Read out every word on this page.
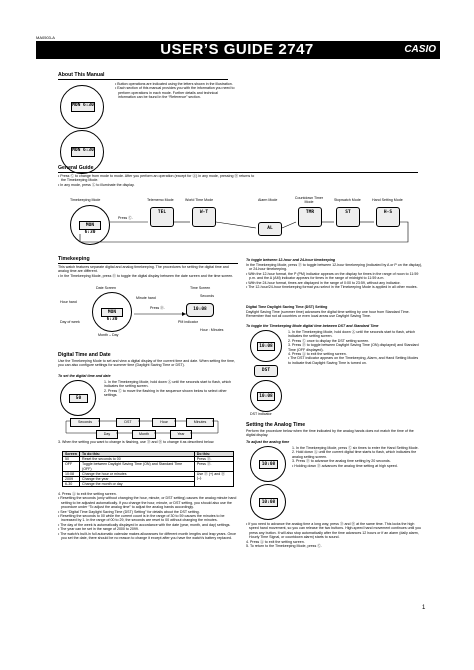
MA0503-A
USER’S GUIDE 2747	CASIO
About This Manual
MON 6:30
MON 6:30
• Button operations are indicated using the letters shown in the illustration.
• Each section of this manual provides you with the information you need to perform operations in each mode. Further details and technical information can be found in the “Reference” section.
General Guide
• Press Ⓒ to change from mode to mode. After you perform an operation (except for Ⓐ) in any mode, pressing Ⓑ returns to the Timekeeping Mode.
• In any mode, press Ⓛ to illuminate the display.
Timekeeping Mode	Telememo Mode	World Time Mode	Alarm Mode	Countdown Timer Mode
Stopwatch Mode	Hand Setting Mode
MON 6:30
Press Ⓒ.
TEL	W-T
AL
TMR	ST	H-S
Timekeeping
This watch features separate digital and analog timekeeping. The procedures for setting the digital time and analog time are different.
• In the Timekeeping Mode, press Ⓓ to toggle the digital display between the date screen and the time screen.
Date Screen	Time Screen
MON 6:30
Hour hand
Minute hand
Day of week
Month – Day
Press Ⓓ.
Seconds
10:08
PM indicator
Hour : Minutes
Digital Time and Date
Use the Timekeeping Mode to set and view a digital display of the current time and date. When setting the time, you can also configure settings for summer time (Daylight Saving Time or DST).
To set the digital time and date
50
1. In the Timekeeping Mode, hold down Ⓐ until the seconds start to flash, which indicates the setting screen.
2. Press Ⓒ to move the flashing in the sequence shown below to select other settings.
Seconds	DST	Hour	Minutes
Day	Month	Year
3. When the setting you want to change is flashing, use Ⓓ and Ⓑ to change it as described below.
Screen	To do this:	Do this:
50	Reset the seconds to 00	Press Ⓓ.
OFF	Toggle between Daylight Saving Time (ON) and Standard Time (OFF)	Press Ⓓ.
10:08	Change the hour or minutes	Use Ⓓ (+) and Ⓑ (–).
2009	Change the year	
6-30	Change the month or day	
4. Press Ⓐ to exit the setting screen.
• Resetting the seconds (only without changing the hour, minute, or DST setting) causes the analog minute hand setting to be adjusted automatically. If you change the hour, minute, or DST setting, you should also use the procedure under “To adjust the analog time” to adjust the analog hands accordingly.
• See “Digital Time Daylight Saving Time (DST) Setting” for details about the DST setting.
• Resetting the seconds to 00 while the current count is in the range of 30 to 59 causes the minutes to be increased by 1. In the range of 00 to 29, the seconds are reset to 00 without changing the minutes.
• The day of the week is automatically displayed in accordance with the date (year, month, and day) settings.
• The year can be set in the range of 2000 to 2099.
• The watch’s built-in full automatic calendar makes allowances for different month lengths and leap years. Once you set the date, there should be no reason to change it except after you have the watch’s battery replaced.
To toggle between 12-hour and 24-hour timekeeping
In the Timekeeping Mode, press Ⓓ to toggle between 12-hour timekeeping (indicated by A or P on the display), or 24-hour timekeeping.
• With the 12-hour format, the P (PM) indicator appears on the display for times in the range of noon to 11:59 p.m. and the A (AM) indicator appears for times in the range of midnight to 11:59 a.m.
• With the 24-hour format, times are displayed in the range of 0:00 to 23:59, without any indicator.
• The 12-hour/24-hour timekeeping format you select in the Timekeeping Mode is applied in all other modes.
Digital Time Daylight Saving Time (DST) Setting
Daylight Saving Time (summer time) advances the digital time setting by one hour from Standard Time. Remember that not all countries or even local areas use Daylight Saving Time.
To toggle the Timekeeping Mode digital time between DST and Standard Time
10:08
DST
10:08
DST indicator
1. In the Timekeeping Mode, hold down Ⓐ until the seconds start to flash, which indicates the setting screen.
2. Press Ⓒ once to display the DST setting screen.
3. Press Ⓓ to toggle between Daylight Saving Time (ON) displayed) and Standard Time (OFF displayed).
4. Press Ⓐ to exit the setting screen.
• The DST indicator appears on the Timekeeping, Alarm, and Hand Setting Modes to indicate that Daylight Saving Time is turned on.
Setting the Analog Time
Perform the procedure below when the time indicated by the analog hands does not match the time of the digital display.
To adjust the analog time
10:08
10:08
1. In the Timekeeping Mode, press Ⓒ six times to enter the Hand Setting Mode.
2. Hold down Ⓐ until the current digital time starts to flash, which indicates the analog setting screen.
3. Press Ⓓ to advance the analog time setting by 20 seconds.
• Holding down Ⓓ advances the analog time setting at high speed.
• If you need to advance the analog time a long way, press Ⓓ and Ⓑ at the same time. This locks the high speed hand movement, so you can release the two buttons. High-speed hand movement continues until you press any button. It will also stop automatically after the time advances 12 hours or if an alarm (daily alarm, Hourly Time Signal, or countdown alarm) starts to sound.
4. Press Ⓐ to exit the setting screen.
5. To return to the Timekeeping Mode, press Ⓒ.
1
